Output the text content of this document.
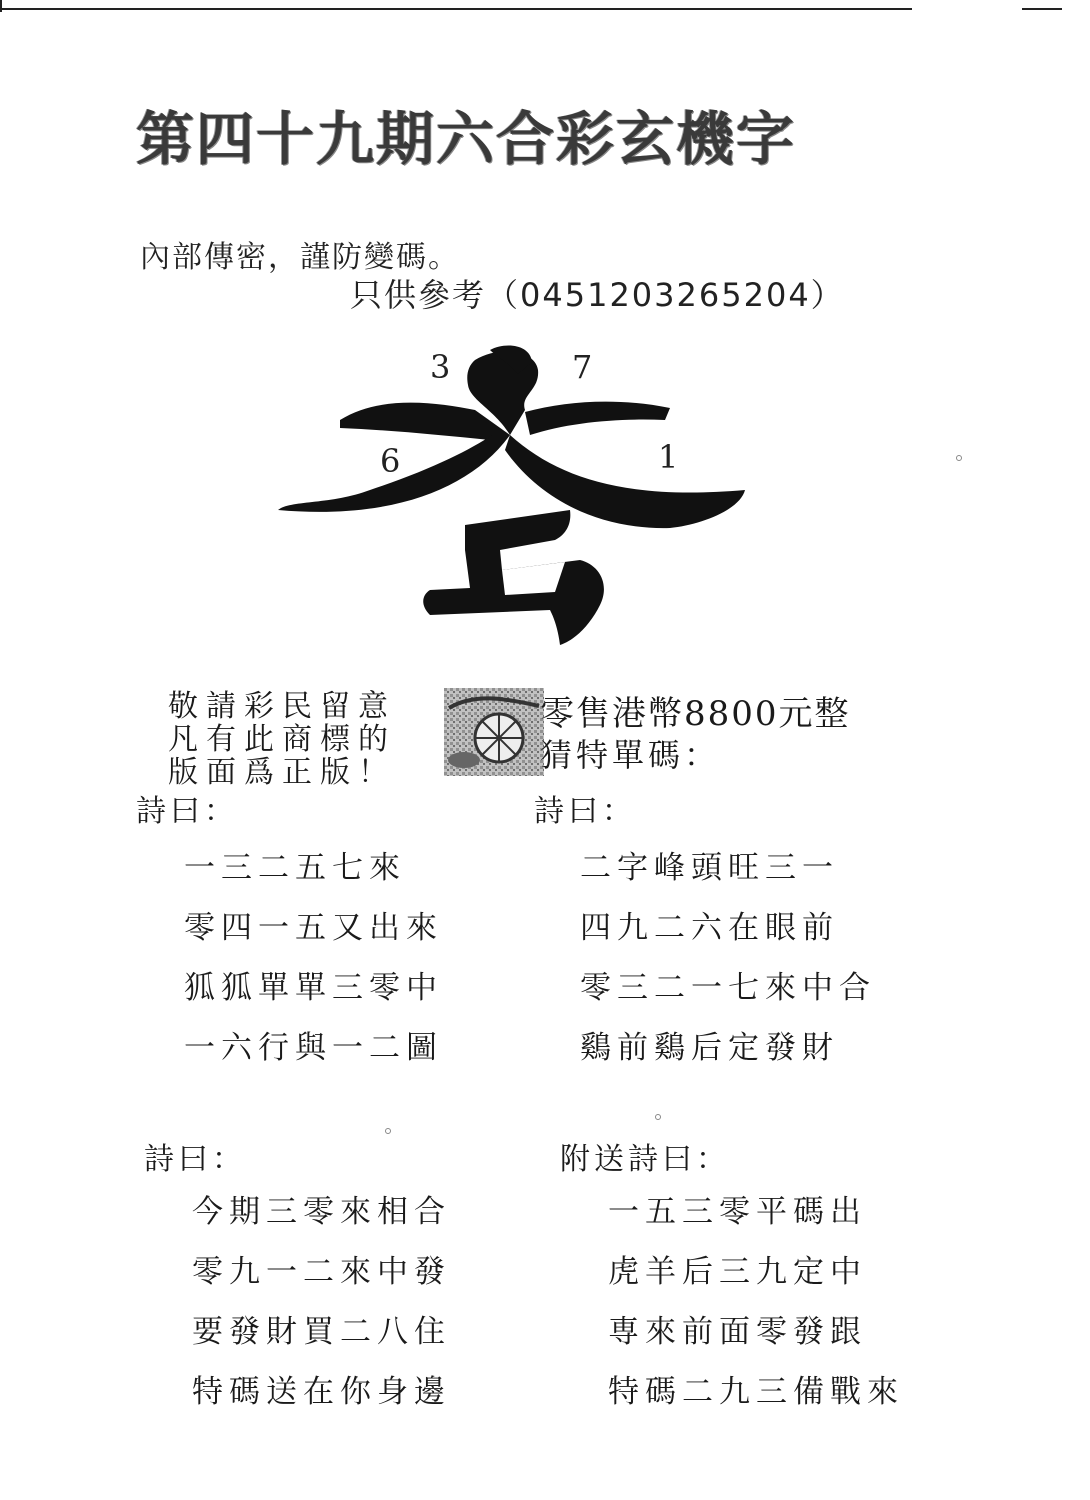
第四十九期六合彩玄機字
內部傳密，謹防變碼。
只供參考（0451203265204）
3	7
6	1
敬請彩民留意
凡有此商標的
版面爲正版！
零售港幣8800元整
猜特單碼：
詩曰：
一三二五七來
零四一五又出來
狐狐單單三零中
一六行與一二圖
詩曰：
二字峰頭旺三一
四九二六在眼前
零三二一七來中合
鷄前鷄后定發財
詩曰：
今期三零來相合
零九一二來中發
要發財買二八住
特碼送在你身邊
附送詩曰：
一五三零平碼出
虎羊后三九定中
専來前面零發跟
特碼二九三備戰來
